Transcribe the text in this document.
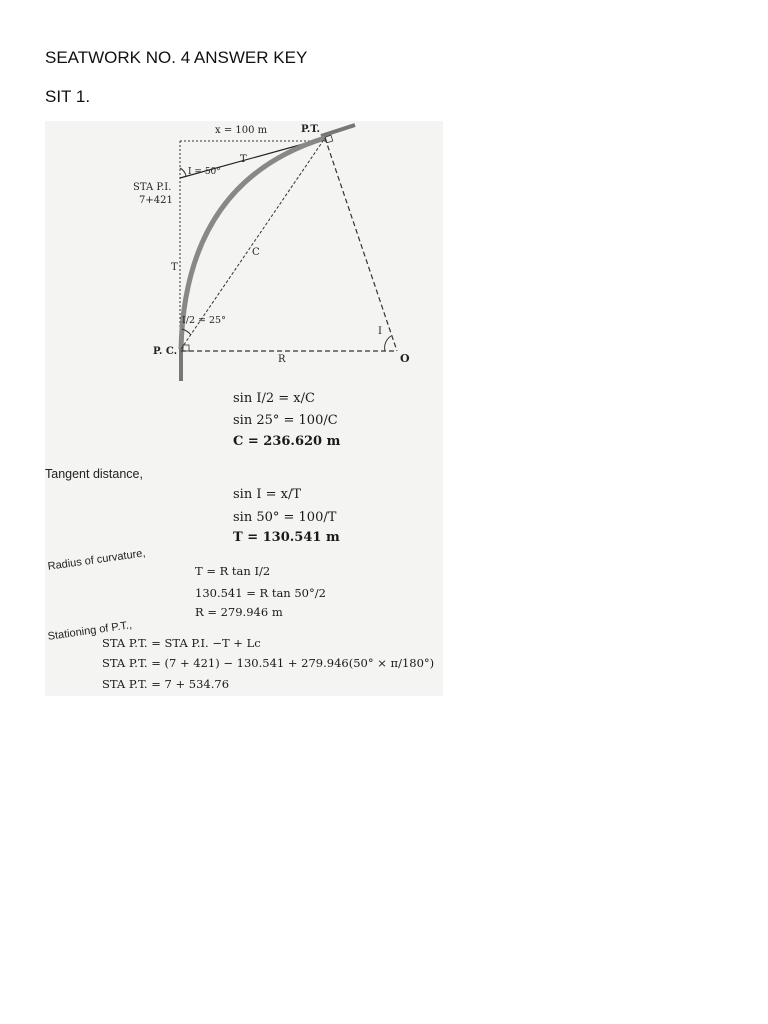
SEATWORK NO. 4 ANSWER KEY
SIT 1.
x = 100 m	P.T.
T
I = 50°
STA P.I.
7+421
C
T
I/2 = 25°
P. C.
R
I
O
sin I/2 = x/C
sin 25° = 100/C
C = 236.620 m
Tangent distance,
sin I = x/T
sin 50° = 100/T
T = 130.541 m
Radius of curvature,	T = R tan I/2
130.541 = R tan 50°/2
R = 279.946 m
Stationing of P.T.,
STA P.T. = STA P.I. −T + Lc
STA P.T. = (7 + 421) − 130.541 + 279.946(50° × π/180°)
STA P.T. = 7 + 534.76
